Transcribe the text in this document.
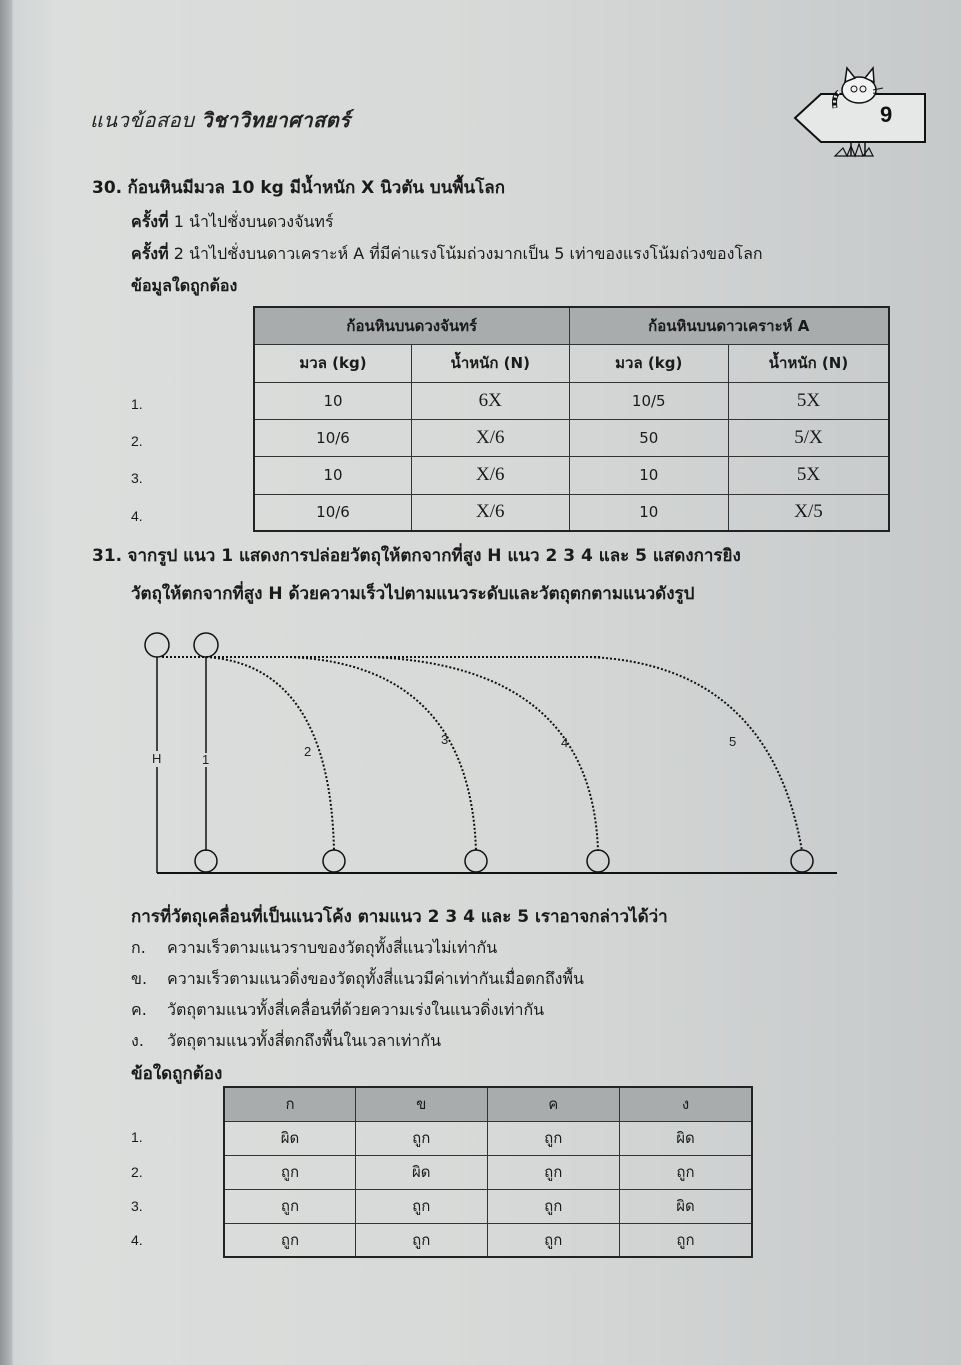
แนวข้อสอบ วิชาวิทยาศาสตร์	9
30. ก้อนหินมีมวล 10 kg มีน้ำหนัก X นิวตัน บนพื้นโลก
ครั้งที่ 1 นำไปชั่งบนดวงจันทร์
ครั้งที่ 2 นำไปชั่งบนดาวเคราะห์ A ที่มีค่าแรงโน้มถ่วงมากเป็น 5 เท่าของแรงโน้มถ่วงของโลก
ข้อมูลใดถูกต้อง
1.
2.
3.
4.
ก้อนหินบนดวงจันทร์		ก้อนหินบนดาวเคราะห์ A	
มวล (kg)	น้ำหนัก (N)	มวล (kg)	น้ำหนัก (N)
10	6X	10/5	5X
10/6	X/6	50	5/X
10	X/6	10	5X
10/6	X/6	10	X/5
31. จากรูป แนว 1 แสดงการปล่อยวัตถุให้ตกจากที่สูง H แนว 2 3 4 และ 5 แสดงการยิง
วัตถุให้ตกจากที่สูง H ด้วยความเร็วไปตามแนวระดับและวัตถุตกตามแนวดังรูป
H	1
2
3	4	5
การที่วัตถุเคลื่อนที่เป็นแนวโค้ง ตามแนว 2 3 4 และ 5 เราอาจกล่าวได้ว่า
ก. ความเร็วตามแนวราบของวัตถุทั้งสี่แนวไม่เท่ากัน
ข. ความเร็วตามแนวดิ่งของวัตถุทั้งสี่แนวมีค่าเท่ากันเมื่อตกถึงพื้น
ค. วัตถุตามแนวทั้งสี่เคลื่อนที่ด้วยความเร่งในแนวดิ่งเท่ากัน
ง. วัตถุตามแนวทั้งสี่ตกถึงพื้นในเวลาเท่ากัน
ข้อใดถูกต้อง
1.
2.
3.
4.
ก	ข	ค	ง
ผิด	ถูก	ถูก	ผิด
ถูก	ผิด	ถูก	ถูก
ถูก	ถูก	ถูก	ผิด
ถูก	ถูก	ถูก	ถูก
